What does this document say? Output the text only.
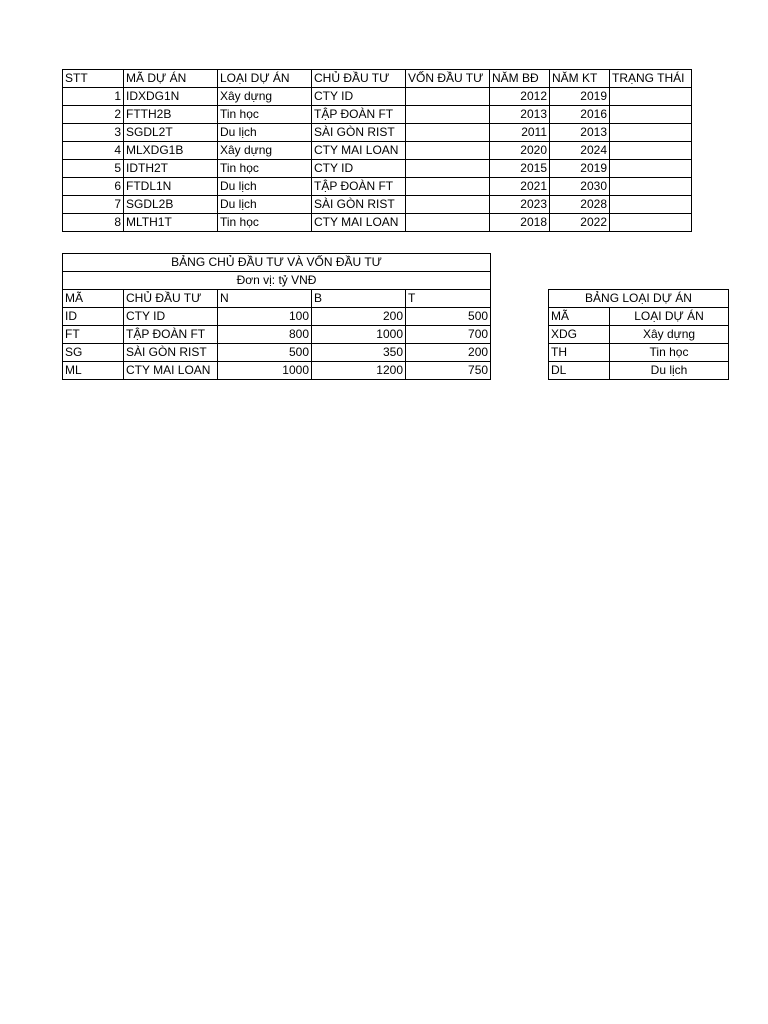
STT	MÃ DỰ ÁN	LOẠI DỰ ÁN	CHỦ ĐẦU TƯ	VỐN ĐẦU TƯ	NĂM BĐ	NĂM KT	TRẠNG THÁI
1	IDXDG1N	Xây dựng	CTY ID		2012	2019	
2	FTTH2B	Tin học	TẬP ĐOÀN FT		2013	2016	
3	SGDL2T	Du lịch	SÀI GÒN RIST		2011	2013	
4	MLXDG1B	Xây dựng	CTY MAI LOAN		2020	2024	
5	IDTH2T	Tin học	CTY ID		2015	2019	
6	FTDL1N	Du lịch	TẬP ĐOÀN FT		2021	2030	
7	SGDL2B	Du lịch	SÀI GÒN RIST		2023	2028	
8	MLTH1T	Tin học	CTY MAI LOAN		2018	2022	
BẢNG CHỦ ĐẦU TƯ VÀ VỐN ĐẦU TƯ				
Đơn vị: tỷ VNĐ				
MÃ	CHỦ ĐẦU TƯ	N	B	T
ID	CTY ID	100	200	500
FT	TẬP ĐOÀN FT	800	1000	700
SG	SÀI GÒN RIST	500	350	200
ML	CTY MAI LOAN	1000	1200	750
BẢNG LOẠI DỰ ÁN	
MÃ	LOẠI DỰ ÁN
XDG	Xây dựng
TH	Tin học
DL	Du lịch
